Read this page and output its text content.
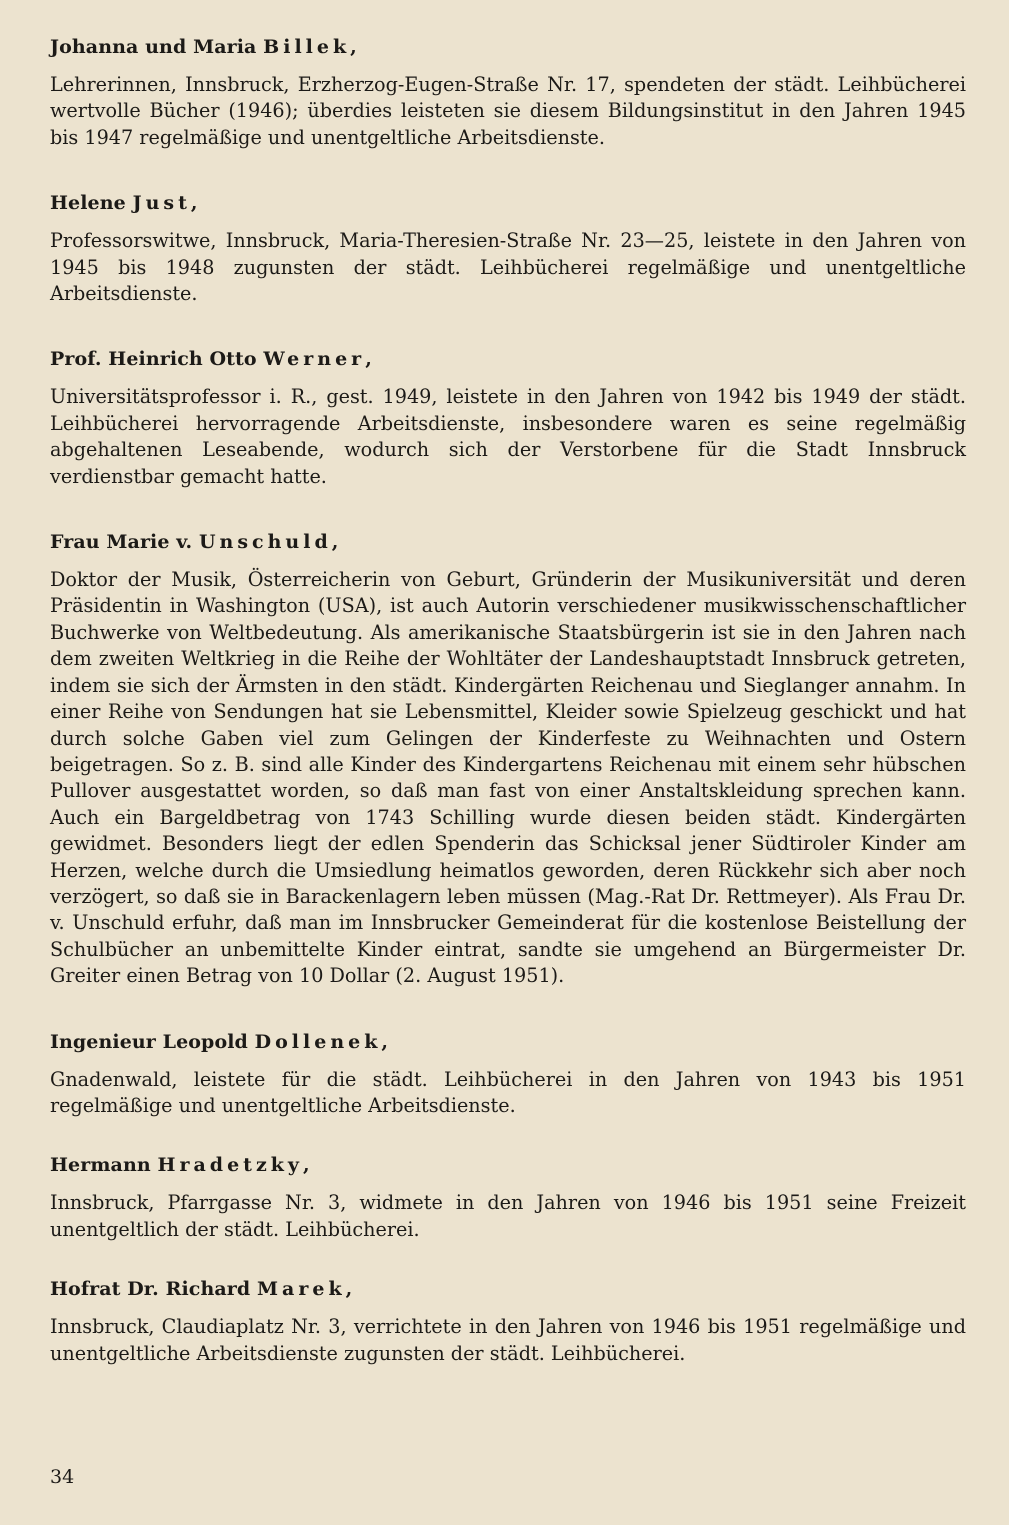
Johanna und Maria Billek,

Lehrerinnen, Innsbruck, Erzherzog-Eugen-Straße Nr. 17, spendeten der städt. Leihbücherei wertvolle Bücher (1946); überdies leisteten sie diesem Bildungsinstitut in den Jahren 1945 bis 1947 regelmäßige und unentgeltliche Arbeitsdienste.

Helene Just,

Professorswitwe, Innsbruck, Maria-Theresien-Straße Nr. 23—25, leistete in den Jahren von 1945 bis 1948 zugunsten der städt. Leihbücherei regelmäßige und unentgeltliche Arbeitsdienste.

Prof. Heinrich Otto Werner,

Universitätsprofessor i. R., gest. 1949, leistete in den Jahren von 1942 bis 1949 der städt. Leihbücherei hervorragende Arbeitsdienste, insbesondere waren es seine regelmäßig abgehaltenen Leseabende, wodurch sich der Verstorbene für die Stadt Innsbruck verdienstbar gemacht hatte.

Frau Marie v. Unschuld,

Doktor der Musik, Österreicherin von Geburt, Gründerin der Musikuniversität und deren Präsidentin in Washington (USA), ist auch Autorin verschiedener musikwisschenschaftlicher Buchwerke von Weltbedeutung. Als amerikanische Staatsbürgerin ist sie in den Jahren nach dem zweiten Weltkrieg in die Reihe der Wohltäter der Landeshauptstadt Innsbruck getreten, indem sie sich der Ärmsten in den städt. Kindergärten Reichenau und Sieglanger annahm. In einer Reihe von Sendungen hat sie Lebensmittel, Kleider sowie Spielzeug geschickt und hat durch solche Gaben viel zum Gelingen der Kinderfeste zu Weihnachten und Ostern beigetragen. So z. B. sind alle Kinder des Kindergartens Reichenau mit einem sehr hübschen Pullover ausgestattet worden, so daß man fast von einer Anstaltskleidung sprechen kann. Auch ein Bargeldbetrag von 1743 Schilling wurde diesen beiden städt. Kindergärten gewidmet. Besonders liegt der edlen Spenderin das Schicksal jener Südtiroler Kinder am Herzen, welche durch die Umsiedlung heimatlos geworden, deren Rückkehr sich aber noch verzögert, so daß sie in Barackenlagern leben müssen (Mag.-Rat Dr. Rettmeyer). Als Frau Dr. v. Unschuld erfuhr, daß man im Innsbrucker Gemeinderat für die kostenlose Beistellung der Schulbücher an unbemittelte Kinder eintrat, sandte sie umgehend an Bürgermeister Dr. Greiter einen Betrag von 10 Dollar (2. August 1951).

Ingenieur Leopold Dollenek,

Gnadenwald, leistete für die städt. Leihbücherei in den Jahren von 1943 bis 1951 regelmäßige und unentgeltliche Arbeitsdienste.

Hermann Hradetzky,

Innsbruck, Pfarrgasse Nr. 3, widmete in den Jahren von 1946 bis 1951 seine Freizeit unentgeltlich der städt. Leihbücherei.

Hofrat Dr. Richard Marek,

Innsbruck, Claudiaplatz Nr. 3, verrichtete in den Jahren von 1946 bis 1951 regelmäßige und unentgeltliche Arbeitsdienste zugunsten der städt. Leihbücherei.

34
